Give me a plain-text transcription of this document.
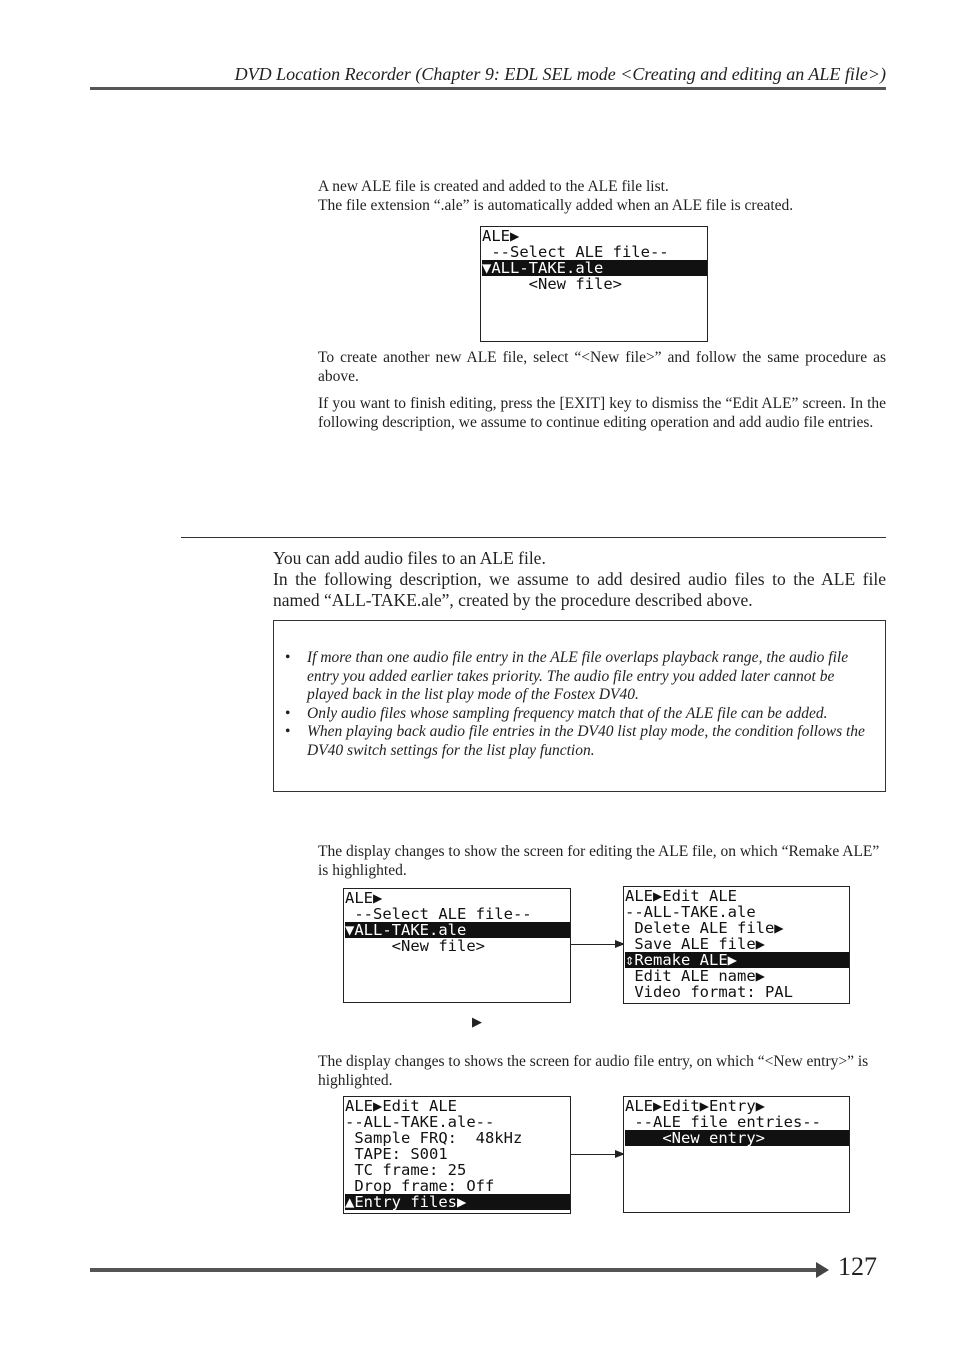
DVD Location Recorder (Chapter 9: EDL SEL mode <Creating and editing an ALE file>)
A new ALE file is created and added to the ALE file list.
The file extension “.ale” is automatically added when an ALE file is created.
ALE▶
--Select ALE file--
▼ALL-TAKE.ale
<New file>
To create another new ALE file, select “<New file>” and follow the same procedure as above.
If you want to finish editing, press the [EXIT] key to dismiss the “Edit ALE” screen. In the following description, we assume to continue editing operation and add audio file entries.
You can add audio files to an ALE file.
In the following description, we assume to add desired audio files to the ALE file named “ALL-TAKE.ale”, created by the procedure described above.
• If more than one audio file entry in the ALE file overlaps playback range, the audio file entry you added earlier takes priority. The audio file entry you added later cannot be played back in the list play mode of the Fostex DV40.
• Only audio files whose sampling frequency match that of the ALE file can be added.
• When playing back audio file entries in the DV40 list play mode, the condition follows the DV40 switch settings for the list play function.
The display changes to show the screen for editing the ALE file, on which “Remake ALE” is highlighted.
ALE▶
--Select ALE file--
▼ALL-TAKE.ale
<New file>
ALE▶Edit ALE
--ALL-TAKE.ale
Delete ALE file▶
Save ALE file▶
⇕Remake ALE▶
Edit ALE name▶
Video format: PAL
▶
The display changes to shows the screen for audio file entry, on which “<New entry>” is highlighted.
ALE▶Edit ALE
--ALL-TAKE.ale--
Sample FRQ:  48kHz
TAPE: S001
TC frame: 25
Drop frame: Off
▲Entry files▶
ALE▶Edit▶Entry▶
--ALE file entries--
<New entry>
127
